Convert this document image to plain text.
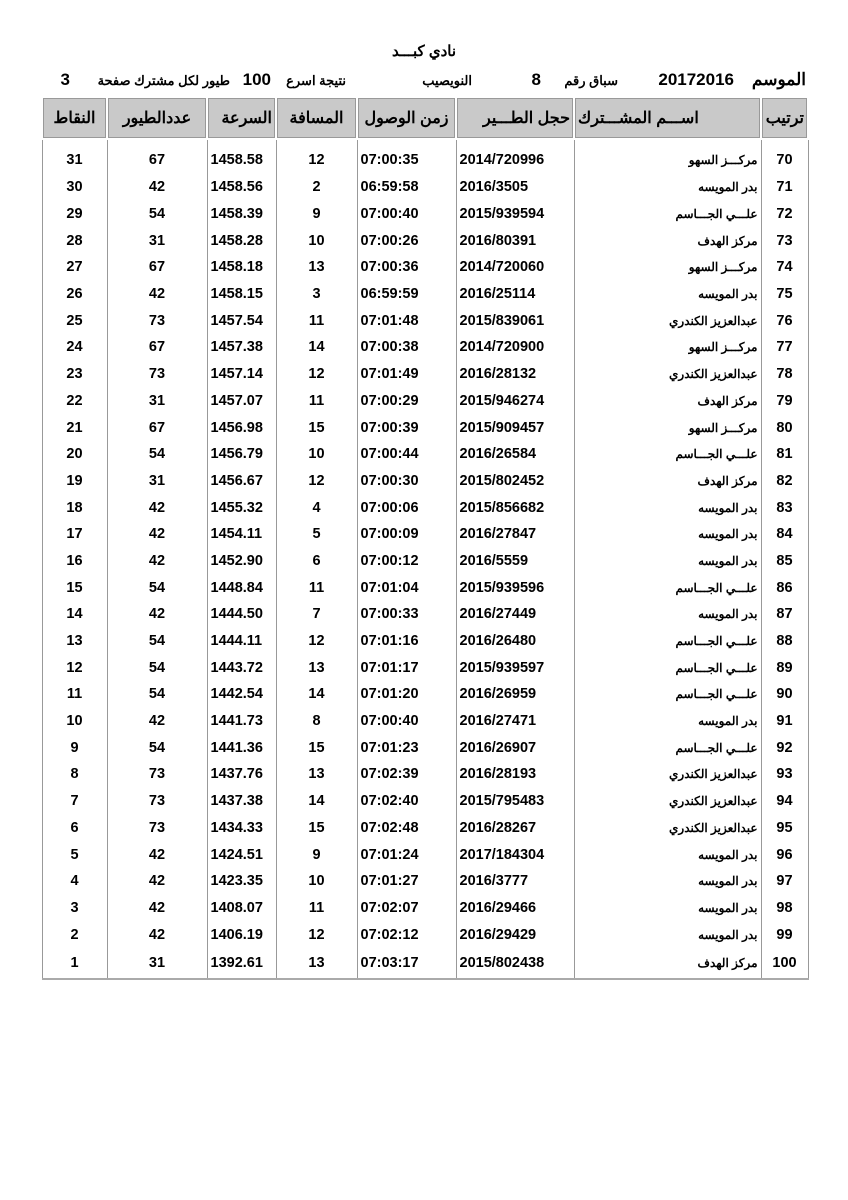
نادي كبـــد
الموسم
20172016
سباق رقم
8
النويصيب
نتيجة اسرع
100
طيور لكل مشترك صفحة
3
ترتيب	اســـم المشـــترك	حجل الطـــير	زمن الوصول	المسافة	السرعة	عددالطيور	النقاط
70	مركـــز السهو	2014/720996	07:00:35	12	1458.58	67	31
71	بدر المويسه	2016/3505	06:59:58	2	1458.56	42	30
72	علـــي الجـــاسم	2015/939594	07:00:40	9	1458.39	54	29
73	مركز الهدف	2016/80391	07:00:26	10	1458.28	31	28
74	مركـــز السهو	2014/720060	07:00:36	13	1458.18	67	27
75	بدر المويسه	2016/25114	06:59:59	3	1458.15	42	26
76	عبدالعزيز الكندري	2015/839061	07:01:48	11	1457.54	73	25
77	مركـــز السهو	2014/720900	07:00:38	14	1457.38	67	24
78	عبدالعزيز الكندري	2016/28132	07:01:49	12	1457.14	73	23
79	مركز الهدف	2015/946274	07:00:29	11	1457.07	31	22
80	مركـــز السهو	2015/909457	07:00:39	15	1456.98	67	21
81	علـــي الجـــاسم	2016/26584	07:00:44	10	1456.79	54	20
82	مركز الهدف	2015/802452	07:00:30	12	1456.67	31	19
83	بدر المويسه	2015/856682	07:00:06	4	1455.32	42	18
84	بدر المويسه	2016/27847	07:00:09	5	1454.11	42	17
85	بدر المويسه	2016/5559	07:00:12	6	1452.90	42	16
86	علـــي الجـــاسم	2015/939596	07:01:04	11	1448.84	54	15
87	بدر المويسه	2016/27449	07:00:33	7	1444.50	42	14
88	علـــي الجـــاسم	2016/26480	07:01:16	12	1444.11	54	13
89	علـــي الجـــاسم	2015/939597	07:01:17	13	1443.72	54	12
90	علـــي الجـــاسم	2016/26959	07:01:20	14	1442.54	54	11
91	بدر المويسه	2016/27471	07:00:40	8	1441.73	42	10
92	علـــي الجـــاسم	2016/26907	07:01:23	15	1441.36	54	9
93	عبدالعزيز الكندري	2016/28193	07:02:39	13	1437.76	73	8
94	عبدالعزيز الكندري	2015/795483	07:02:40	14	1437.38	73	7
95	عبدالعزيز الكندري	2016/28267	07:02:48	15	1434.33	73	6
96	بدر المويسه	2017/184304	07:01:24	9	1424.51	42	5
97	بدر المويسه	2016/3777	07:01:27	10	1423.35	42	4
98	بدر المويسه	2016/29466	07:02:07	11	1408.07	42	3
99	بدر المويسه	2016/29429	07:02:12	12	1406.19	42	2
100	مركز الهدف	2015/802438	07:03:17	13	1392.61	31	1
